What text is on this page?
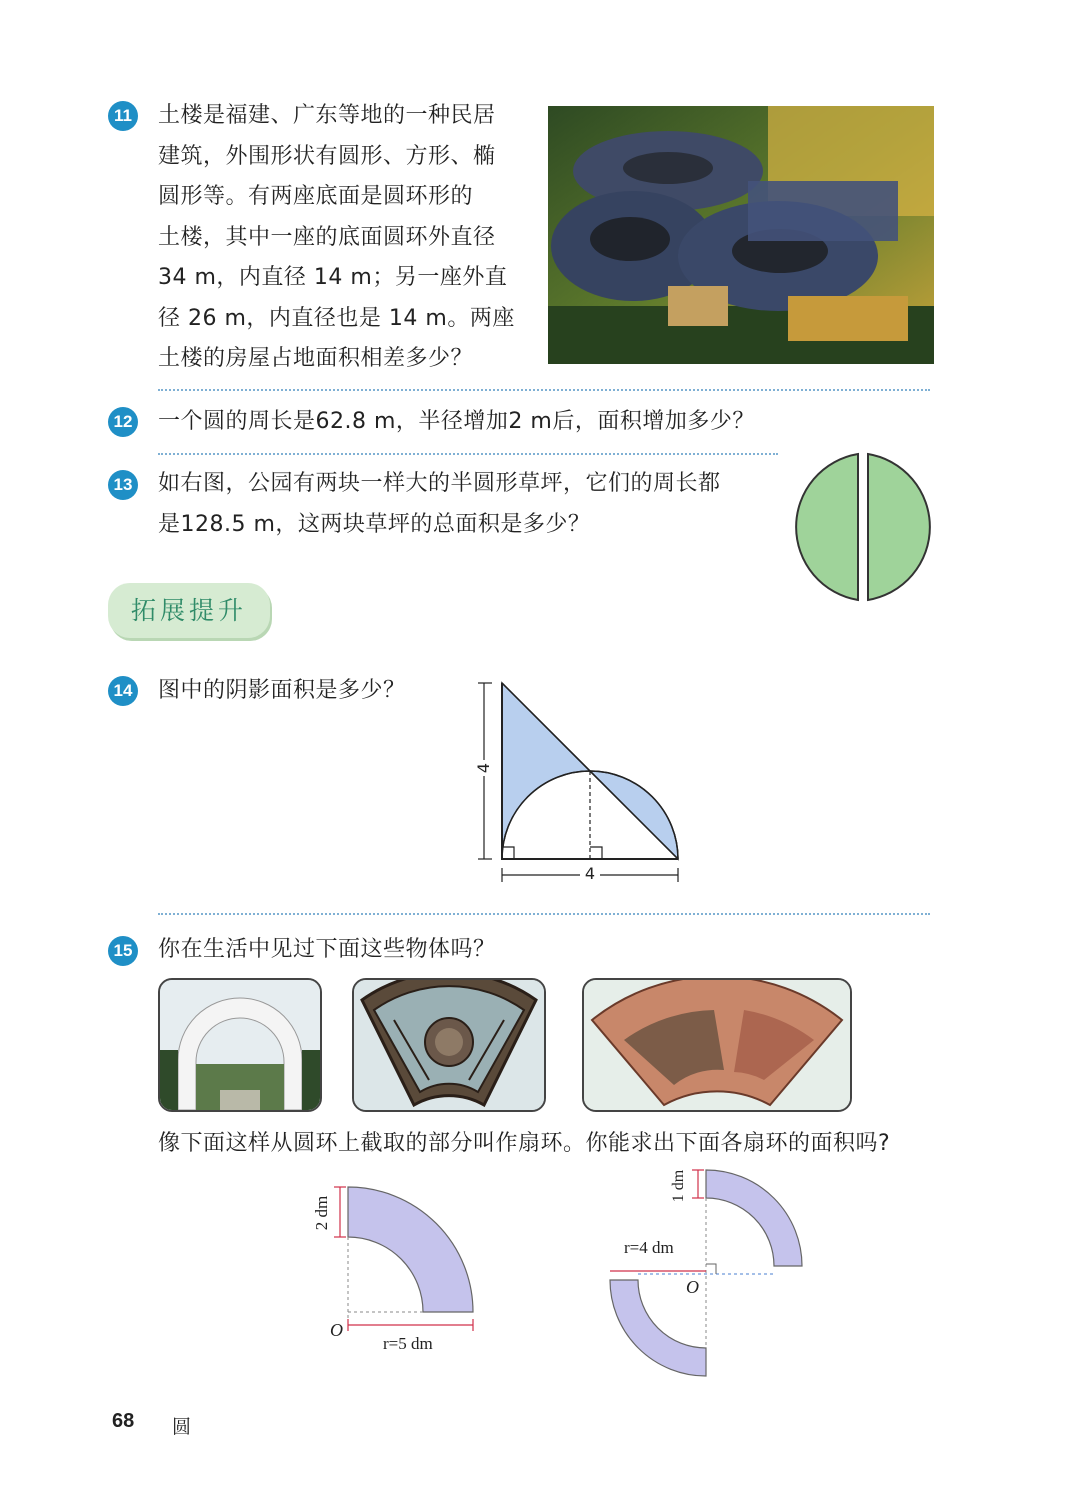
11 土楼是福建、广东等地的一种民居
建筑，外围形状有圆形、方形、椭
圆形等。有两座底面是圆环形的
土楼，其中一座的底面圆环外直径
34 m，内直径 14 m；另一座外直
径 26 m，内直径也是 14 m。两座
土楼的房屋占地面积相差多少？
12 一个圆的周长是62.8 m，半径增加2 m后，面积增加多少？
13 如右图，公园有两块一样大的半圆形草坪，它们的周长都
是128.5 m，这两块草坪的总面积是多少？
拓展提升
14 图中的阴影面积是多少？
4
4
15 你在生活中见过下面这些物体吗？
像下面这样从圆环上截取的部分叫作扇环。你能求出下面各扇环的面积吗?
2 dm
O
r=5 dm
1 dm
r=4 dm
O
68 圆
